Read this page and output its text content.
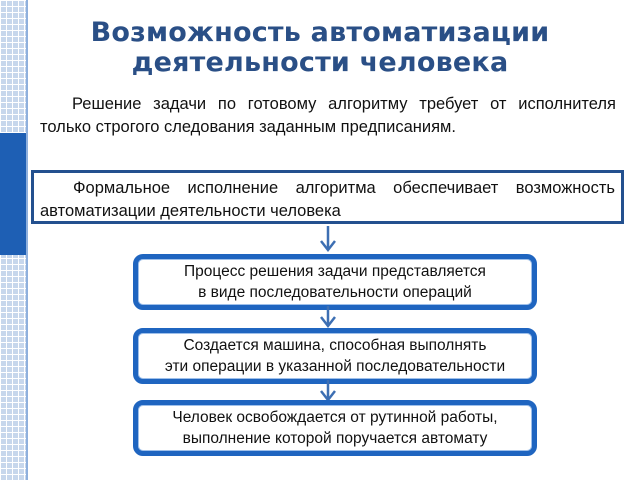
Возможность автоматизации
деятельности человека
Решение задачи по готовому алгоритму требует от исполнителя только строгого следования заданным предписаниям.
Формальное исполнение алгоритма обеспечивает возможность автоматизации деятельности человека
Процесс решения задачи представляется
в виде последовательности операций
Создается машина, способная выполнять
эти операции в указанной последовательности
Человек освобождается от рутинной работы,
выполнение которой поручается автомату
